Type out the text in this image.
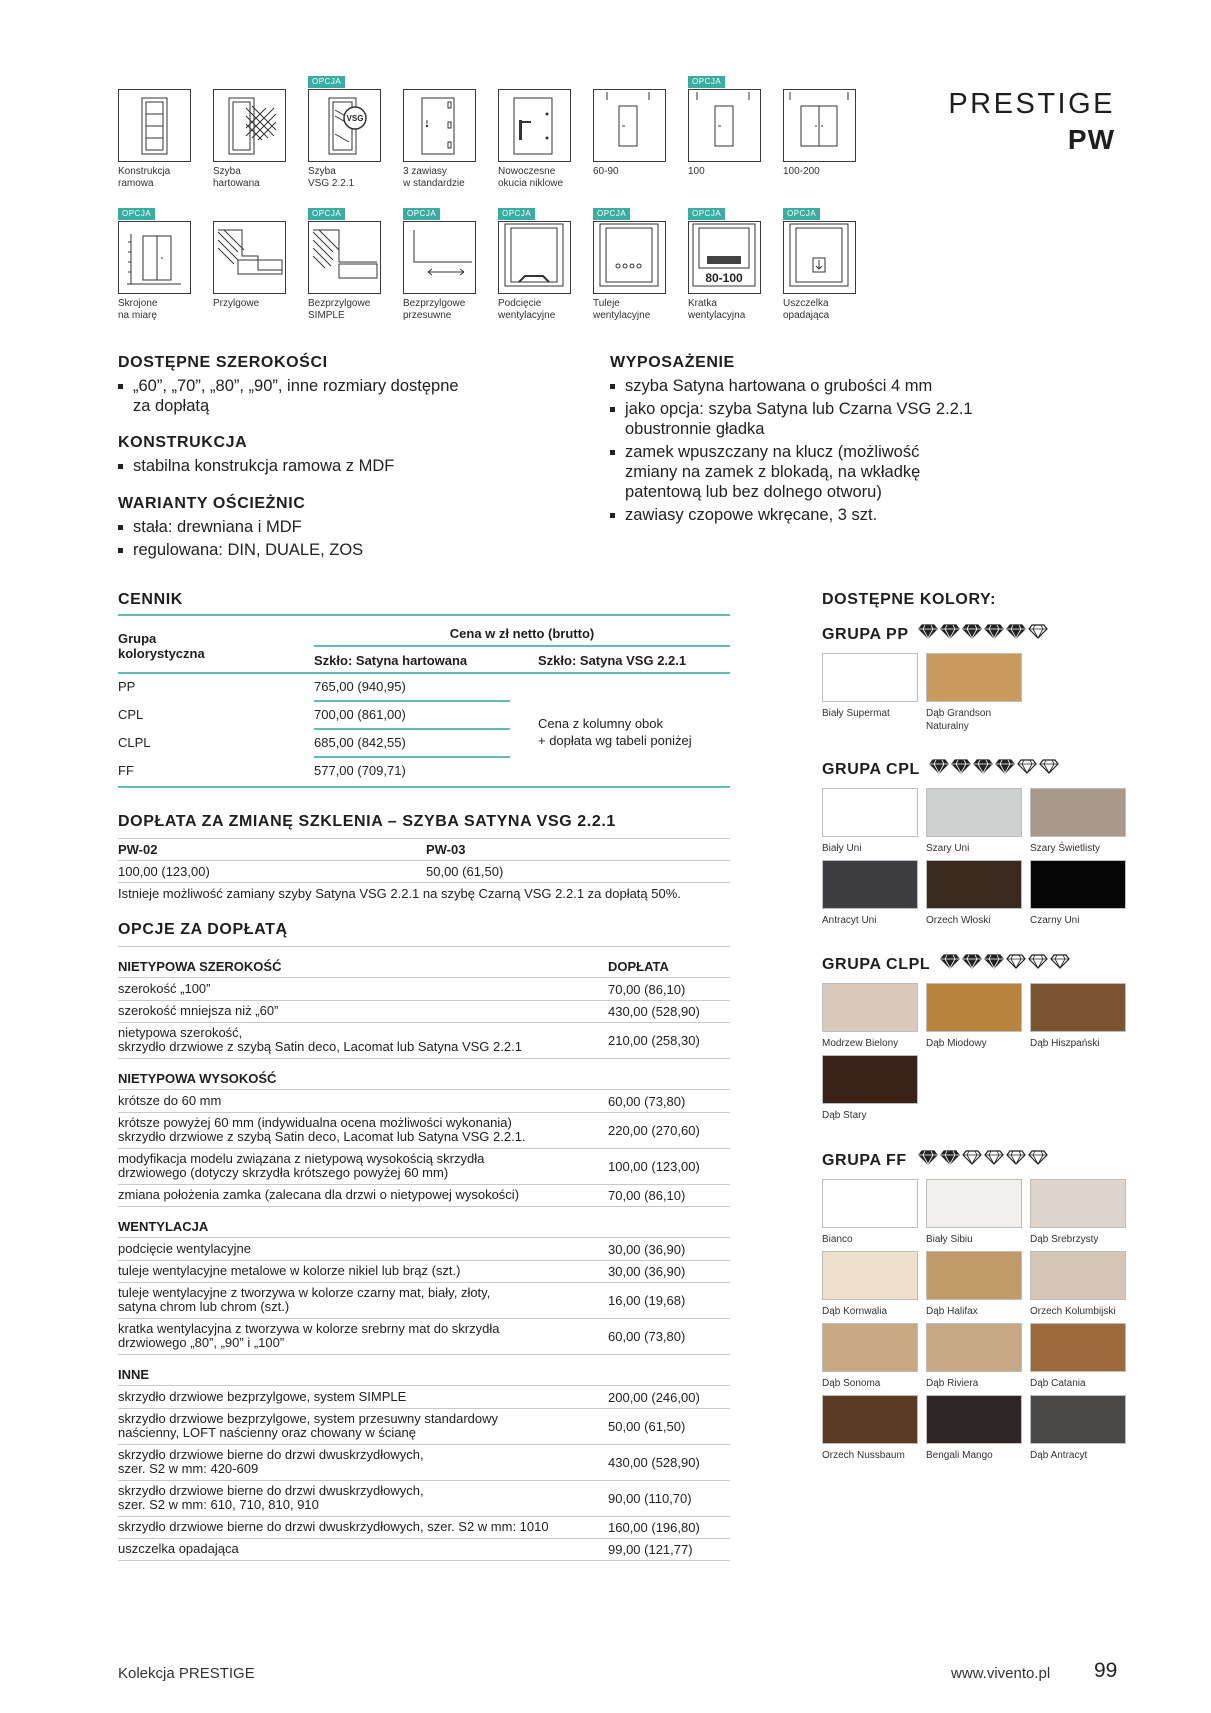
PRESTIGE
PW
Konstrukcja
ramowa
Szyba
hartowana
OPCJA
VSG
Szyba
VSG 2.2.1
3 zawiasy
w standardzie
Nowoczesne
okucia niklowe
60-90
OPCJA
100	100-200
OPCJA
Skrojone
na miarę
Przylgowe
OPCJA
Bezprzylgowe
SIMPLE
OPCJA
Bezprzylgowe
przesuwne
OPCJA
Podcięcie
wentylacyjne
OPCJA
Tuleje
wentylacyjne
OPCJA
80-100
Kratka
wentylacyjna
OPCJA
Uszczelka
opadająca
DOSTĘPNE SZEROKOŚCI
„60”, „70”, „80”, „90”, inne rozmiary dostępne
za dopłatą
KONSTRUKCJA
stabilna konstrukcja ramowa z MDF
WARIANTY OŚCIEŻNIC
stała: drewniana i MDF
regulowana: DIN, DUALE, ZOS
WYPOSAŻENIE
szyba Satyna hartowana o grubości 4 mm
jako opcja: szyba Satyna lub Czarna VSG 2.2.1
obustronnie gładka
zamek wpuszczany na klucz (możliwość
zmiany na zamek z blokadą, na wkładkę
patentową lub bez dolnego otworu)
zawiasy czopowe wkręcane, 3 szt.
CENNIK
Grupa
kolorystyczna
Cena w zł netto (brutto)
Szkło: Satyna hartowana	Szkło: Satyna VSG 2.2.1
PP	765,00 (940,95)
CPL	700,00 (861,00)
CLPL	685,00 (842,55)
FF	577,00 (709,71)
Cena z kolumny obok
+ dopłata wg tabeli poniżej
DOPŁATA ZA ZMIANĘ SZKLENIA – SZYBA SATYNA VSG 2.2.1
PW-02	PW-03
100,00 (123,00)	50,00 (61,50)
Istnieje możliwość zamiany szyby Satyna VSG 2.2.1 na szybę Czarną VSG 2.2.1 za dopłatą 50%.
OPCJE ZA DOPŁATĄ
NIETYPOWA SZEROKOŚĆ	DOPŁATA
szerokość „100”	70,00 (86,10)
szerokość mniejsza niż „60”	430,00 (528,90)
nietypowa szerokość,
skrzydło drzwiowe z szybą Satin deco, Lacomat lub Satyna VSG 2.2.1	210,00 (258,30)
NIETYPOWA WYSOKOŚĆ
krótsze do 60 mm	60,00 (73,80)
krótsze powyżej 60 mm (indywidualna ocena możliwości wykonania)
skrzydło drzwiowe z szybą Satin deco, Lacomat lub Satyna VSG 2.2.1.	220,00 (270,60)
modyfikacja modelu związana z nietypową wysokością skrzydła
drzwiowego (dotyczy skrzydła krótszego powyżej 60 mm)	100,00 (123,00)
zmiana położenia zamka (zalecana dla drzwi o nietypowej wysokości)	70,00 (86,10)
WENTYLACJA
podcięcie wentylacyjne	30,00 (36,90)
tuleje wentylacyjne metalowe w kolorze nikiel lub brąz (szt.)	30,00 (36,90)
tuleje wentylacyjne z tworzywa w kolorze czarny mat, biały, złoty,
satyna chrom lub chrom (szt.)	16,00 (19,68)
kratka wentylacyjna z tworzywa w kolorze srebrny mat do skrzydła
drzwiowego „80”, „90” i „100”	60,00 (73,80)
INNE
skrzydło drzwiowe bezprzylgowe, system SIMPLE	200,00 (246,00)
skrzydło drzwiowe bezprzylgowe, system przesuwny standardowy
naścienny, LOFT naścienny oraz chowany w ścianę	50,00 (61,50)
skrzydło drzwiowe bierne do drzwi dwuskrzydłowych,
szer. S2 w mm: 420-609	430,00 (528,90)
skrzydło drzwiowe bierne do drzwi dwuskrzydłowych,
szer. S2 w mm: 610, 710, 810, 910	90,00 (110,70)
skrzydło drzwiowe bierne do drzwi dwuskrzydłowych, szer. S2 w mm: 1010	160,00 (196,80)
uszczelka opadająca	99,00 (121,77)
DOSTĘPNE KOLORY:
GRUPA PP
Biały Supermat	Dąb Grandson
Naturalny
GRUPA CPL
Biały Uni	Szary Uni	Szary Świetlisty
Antracyt Uni	Orzech Włoski	Czarny Uni
GRUPA CLPL
Modrzew Bielony	Dąb Miodowy	Dąb Hiszpański
Dąb Stary
GRUPA FF
Bianco	Biały Sibiu	Dąb Srebrzysty
Dąb Kornwalia	Dąb Halifax	Orzech Kolumbijski
Dąb Sonoma	Dąb Riviera	Dąb Catania
Orzech Nussbaum	Bengali Mango	Dąb Antracyt
Kolekcja PRESTIGE	www.vivento.pl 99
